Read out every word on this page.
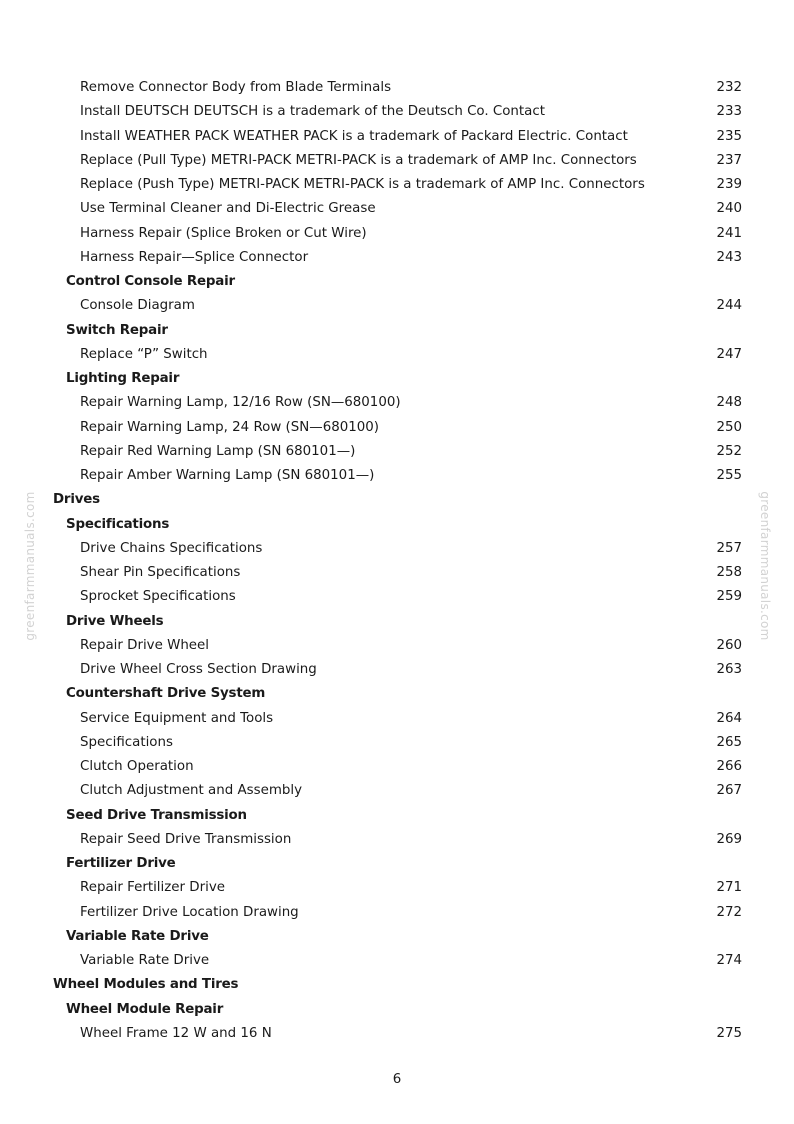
Remove Connector Body from Blade Terminals	232
Install DEUTSCH DEUTSCH is a trademark of the Deutsch Co. Contact	233
Install WEATHER PACK WEATHER PACK is a trademark of Packard Electric. Contact	235
Replace (Pull Type) METRI-PACK METRI-PACK is a trademark of AMP Inc. Connectors	237
Replace (Push Type) METRI-PACK METRI-PACK is a trademark of AMP Inc. Connectors	239
Use Terminal Cleaner and Di-Electric Grease	240
Harness Repair (Splice Broken or Cut Wire)	241
Harness Repair—Splice Connector	243
Control Console Repair
Console Diagram	244
Switch Repair
Replace “P” Switch	247
Lighting Repair
Repair Warning Lamp, 12/16 Row (SN—680100)	248
Repair Warning Lamp, 24 Row (SN—680100)	250
Repair Red Warning Lamp (SN 680101—)	252
Repair Amber Warning Lamp (SN 680101—)	255
Drives
Specifications
Drive Chains Specifications	257
Shear Pin Specifications	258
Sprocket Specifications	259
Drive Wheels
Repair Drive Wheel	260
Drive Wheel Cross Section Drawing	263
Countershaft Drive System
Service Equipment and Tools	264
Specifications	265
Clutch Operation	266
Clutch Adjustment and Assembly	267
Seed Drive Transmission
Repair Seed Drive Transmission	269
Fertilizer Drive
Repair Fertilizer Drive	271
Fertilizer Drive Location Drawing	272
Variable Rate Drive
Variable Rate Drive	274
Wheel Modules and Tires
Wheel Module Repair
Wheel Frame 12 W and 16 N	275
6
greenfarmmanuals.com	greenfarmmanuals.com
